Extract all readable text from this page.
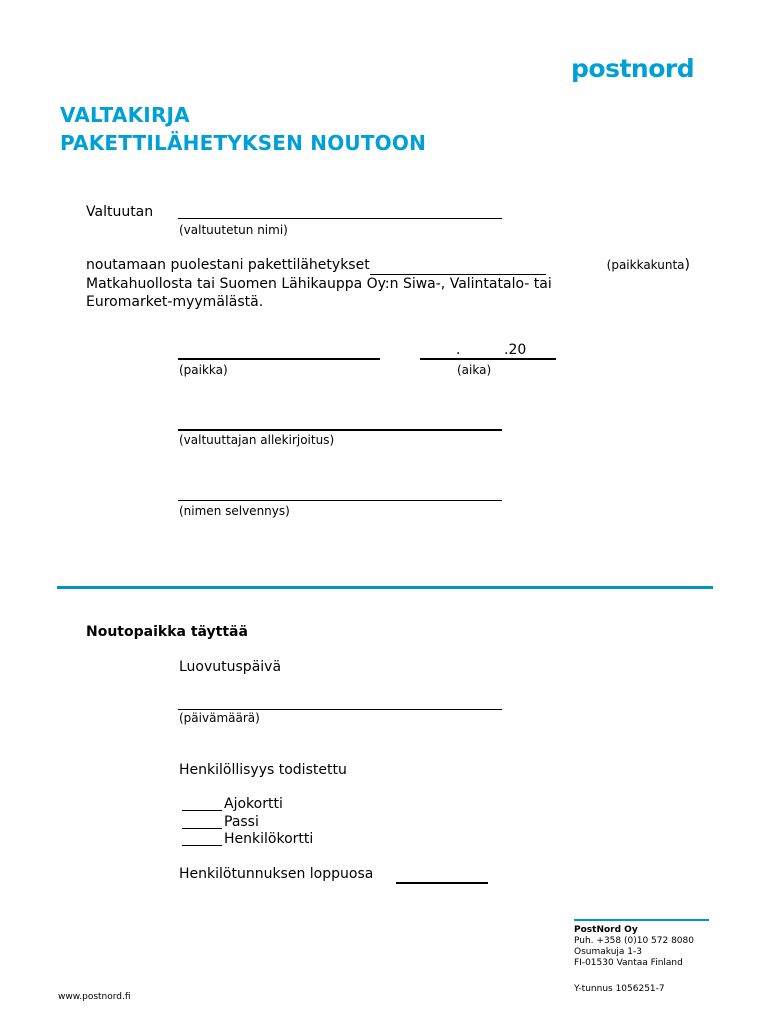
postnord
VALTAKIRJA
PAKETTILÄHETYKSEN NOUTOON
Valtuutan
(valtuutetun nimi)
noutamaan puolestani pakettilähetykset	(paikkakunta)
Matkahuollosta tai Suomen Lähikauppa Oy:n Siwa-, Valintatalo- tai
Euromarket-myymälästä.
.	.20
(paikka)	(aika)
(valtuuttajan allekirjoitus)
(nimen selvennys)
Noutopaikka täyttää
Luovutuspäivä
(päivämäärä)
Henkilöllisyys todistettu
Ajokortti
Passi
Henkilökortti
Henkilötunnuksen loppuosa
PostNord Oy
Puh. +358 (0)10 572 8080
Osumakuja 1-3
FI-01530 Vantaa Finland
Y-tunnus 1056251-7
www.postnord.fi
